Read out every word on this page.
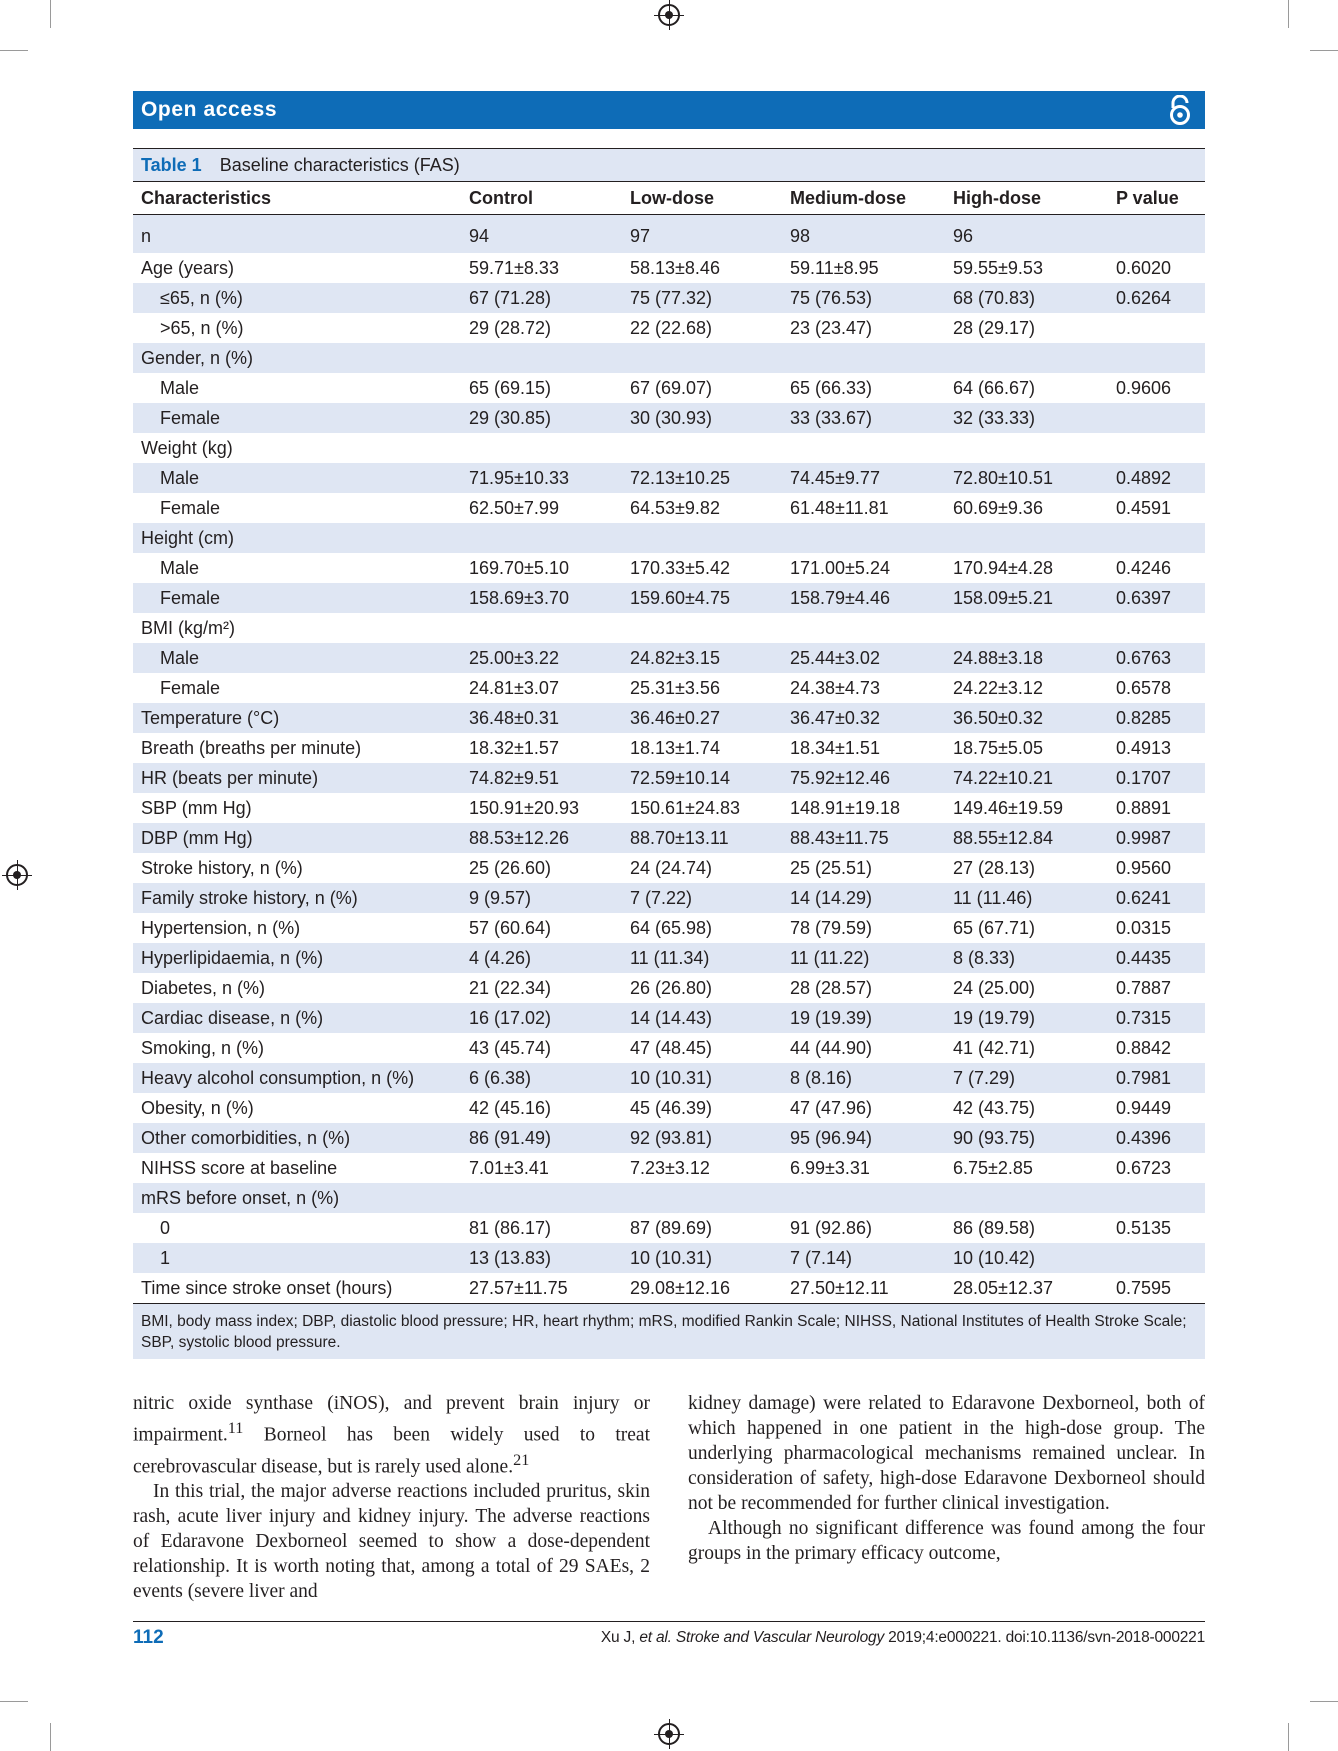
Open access
Table 1 Baseline characteristics (FAS)
Characteristics	Control	Low-dose	Medium-dose	High-dose	P value
n	94	97	98	96	
Age (years)	59.71±8.33	58.13±8.46	59.11±8.95	59.55±9.53	0.6020
≤65, n (%)	67 (71.28)	75 (77.32)	75 (76.53)	68 (70.83)	0.6264
>65, n (%)	29 (28.72)	22 (22.68)	23 (23.47)	28 (29.17)	
Gender, n (%)					
Male	65 (69.15)	67 (69.07)	65 (66.33)	64 (66.67)	0.9606
Female	29 (30.85)	30 (30.93)	33 (33.67)	32 (33.33)	
Weight (kg)					
Male	71.95±10.33	72.13±10.25	74.45±9.77	72.80±10.51	0.4892
Female	62.50±7.99	64.53±9.82	61.48±11.81	60.69±9.36	0.4591
Height (cm)					
Male	169.70±5.10	170.33±5.42	171.00±5.24	170.94±4.28	0.4246
Female	158.69±3.70	159.60±4.75	158.79±4.46	158.09±5.21	0.6397
BMI (kg/m²)					
Male	25.00±3.22	24.82±3.15	25.44±3.02	24.88±3.18	0.6763
Female	24.81±3.07	25.31±3.56	24.38±4.73	24.22±3.12	0.6578
Temperature (°C)	36.48±0.31	36.46±0.27	36.47±0.32	36.50±0.32	0.8285
Breath (breaths per minute)	18.32±1.57	18.13±1.74	18.34±1.51	18.75±5.05	0.4913
HR (beats per minute)	74.82±9.51	72.59±10.14	75.92±12.46	74.22±10.21	0.1707
SBP (mm Hg)	150.91±20.93	150.61±24.83	148.91±19.18	149.46±19.59	0.8891
DBP (mm Hg)	88.53±12.26	88.70±13.11	88.43±11.75	88.55±12.84	0.9987
Stroke history, n (%)	25 (26.60)	24 (24.74)	25 (25.51)	27 (28.13)	0.9560
Family stroke history, n (%)	9 (9.57)	7 (7.22)	14 (14.29)	11 (11.46)	0.6241
Hypertension, n (%)	57 (60.64)	64 (65.98)	78 (79.59)	65 (67.71)	0.0315
Hyperlipidaemia, n (%)	4 (4.26)	11 (11.34)	11 (11.22)	8 (8.33)	0.4435
Diabetes, n (%)	21 (22.34)	26 (26.80)	28 (28.57)	24 (25.00)	0.7887
Cardiac disease, n (%)	16 (17.02)	14 (14.43)	19 (19.39)	19 (19.79)	0.7315
Smoking, n (%)	43 (45.74)	47 (48.45)	44 (44.90)	41 (42.71)	0.8842
Heavy alcohol consumption, n (%)	6 (6.38)	10 (10.31)	8 (8.16)	7 (7.29)	0.7981
Obesity, n (%)	42 (45.16)	45 (46.39)	47 (47.96)	42 (43.75)	0.9449
Other comorbidities, n (%)	86 (91.49)	92 (93.81)	95 (96.94)	90 (93.75)	0.4396
NIHSS score at baseline	7.01±3.41	7.23±3.12	6.99±3.31	6.75±2.85	0.6723
mRS before onset, n (%)					
0	81 (86.17)	87 (89.69)	91 (92.86)	86 (89.58)	0.5135
1	13 (13.83)	10 (10.31)	7 (7.14)	10 (10.42)	
Time since stroke onset (hours)	27.57±11.75	29.08±12.16	27.50±12.11	28.05±12.37	0.7595
BMI, body mass index; DBP, diastolic blood pressure; HR, heart rhythm; mRS, modified Rankin Scale; NIHSS, National Institutes of Health Stroke Scale; SBP, systolic blood pressure.

nitric oxide synthase (iNOS), and prevent brain injury or impairment.$^{11}$ Borneol has been widely used to treat cerebrovascular disease, but is rarely used alone.$^{21}$

In this trial, the major adverse reactions included pruritus, skin rash, acute liver injury and kidney injury. The adverse reactions of Edaravone Dexborneol seemed to show a dose-dependent relationship. It is worth noting that, among a total of 29 SAEs, 2 events (severe liver and

kidney damage) were related to Edaravone Dexborneol, both of which happened in one patient in the high-dose group. The underlying pharmacological mechanisms remained unclear. In consideration of safety, high-dose Edaravone Dexborneol should not be recommended for further clinical investigation.

Although no significant difference was found among the four groups in the primary efficacy outcome,

112	Xu J, et al. Stroke and Vascular Neurology 2019;4:e000221. doi:10.1136/svn-2018-000221
